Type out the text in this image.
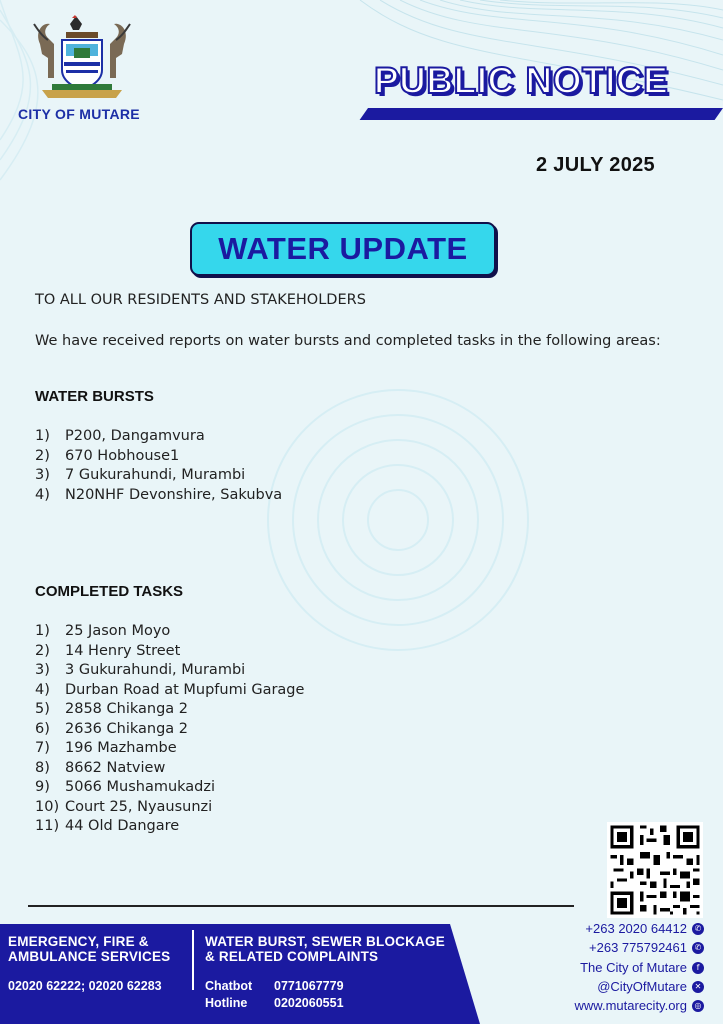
CITY OF MUTARE
PUBLIC NOTICE
2 JULY 2025
WATER UPDATE
TO ALL OUR RESIDENTS AND STAKEHOLDERS
We have received reports on water bursts and completed tasks in the following areas:
WATER BURSTS
1) P200, Dangamvura
2) 670 Hobhouse1
3) 7 Gukurahundi, Murambi
4) N20NHF Devonshire, Sakubva
COMPLETED TASKS
1) 25 Jason Moyo
2) 14 Henry Street
3) 3 Gukurahundi, Murambi
4) Durban Road at Mupfumi Garage
5) 2858 Chikanga 2
6) 2636 Chikanga 2
7) 196 Mazhambe
8) 8662 Natview
9) 5066 Mushamukadzi
10) Court 25, Nyausunzi
11) 44 Old Dangare
EMERGENCY, FIRE &
AMBULANCE SERVICES
02020 62222; 02020 62283
WATER BURST, SEWER BLOCKAGE
& RELATED COMPLAINTS
Chatbot 0771067779
Hotline 0202060551
+263 2020 64412 ✆
+263 775792461 ✆
The City of Mutare	f
@CityOfMutare ✕
www.mutarecity.org ◎
